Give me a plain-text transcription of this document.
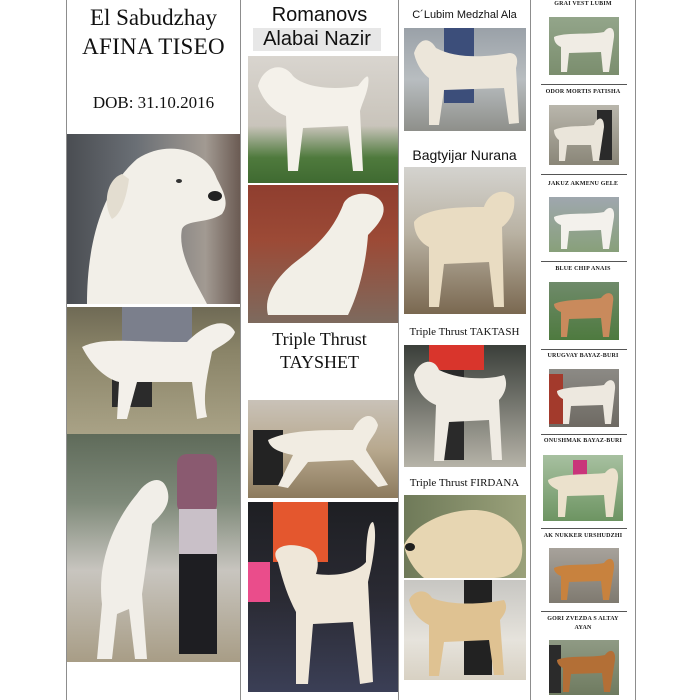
El Sabudzhay
AFINA TISEO
DOB: 31.10.2016
Romanovs
Alabai Nazir
Triple Thrust
TAYSHET
C´Lubim Medzhal Ala
Bagtyijar Nurana
Triple Thrust TAKTASH
Triple Thrust FIRDANA
GRAI VEST LUBIM
ODOR MORTIS PATISHA
JAKUZ AKMENU GELE
BLUE CHIP ANAIS
URUGVAY BAYAZ-BURI
ONUSHMAK BAYAZ-BURI
AK NUKKER URSHUDZHI
GORI ZVEZDA S ALTAY
AYAN
